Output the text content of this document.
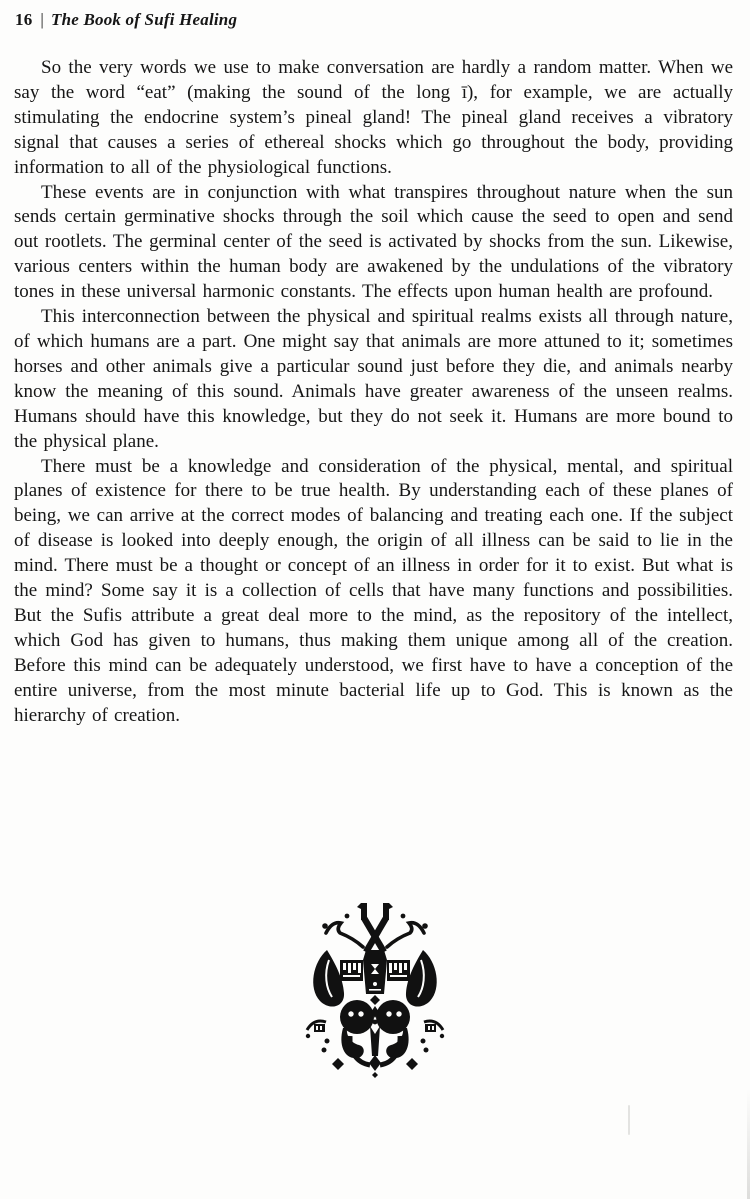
16 | The Book of Sufi Healing

So the very words we use to make conversation are hardly a random matter. When we say the word “eat” (making the sound of the long ī), for example, we are actually stimulating the endocrine system’s pineal gland! The pineal gland receives a vibratory signal that causes a series of ethereal shocks which go throughout the body, providing information to all of the physiological functions.

These events are in conjunction with what transpires throughout nature when the sun sends certain germinative shocks through the soil which cause the seed to open and send out rootlets. The germinal center of the seed is activated by shocks from the sun. Likewise, various centers within the human body are awakened by the undulations of the vibratory tones in these universal harmonic constants. The effects upon human health are profound.

This interconnection between the physical and spiritual realms exists all through nature, of which humans are a part. One might say that animals are more attuned to it; sometimes horses and other animals give a particular sound just before they die, and animals nearby know the meaning of this sound. Animals have greater awareness of the unseen realms. Humans should have this knowledge, but they do not seek it. Humans are more bound to the physical plane.

There must be a knowledge and consideration of the physical, mental, and spiritual planes of existence for there to be true health. By understanding each of these planes of being, we can arrive at the correct modes of balancing and treating each one. If the subject of disease is looked into deeply enough, the origin of all illness can be said to lie in the mind. There must be a thought or concept of an illness in order for it to exist. But what is the mind? Some say it is a collection of cells that have many functions and possibilities. But the Sufis attribute a great deal more to the mind, as the repository of the intellect, which God has given to humans, thus making them unique among all of the creation. Before this mind can be adequately understood, we first have to have a conception of the entire universe, from the most minute bacterial life up to God. This is known as the hierarchy of creation.
